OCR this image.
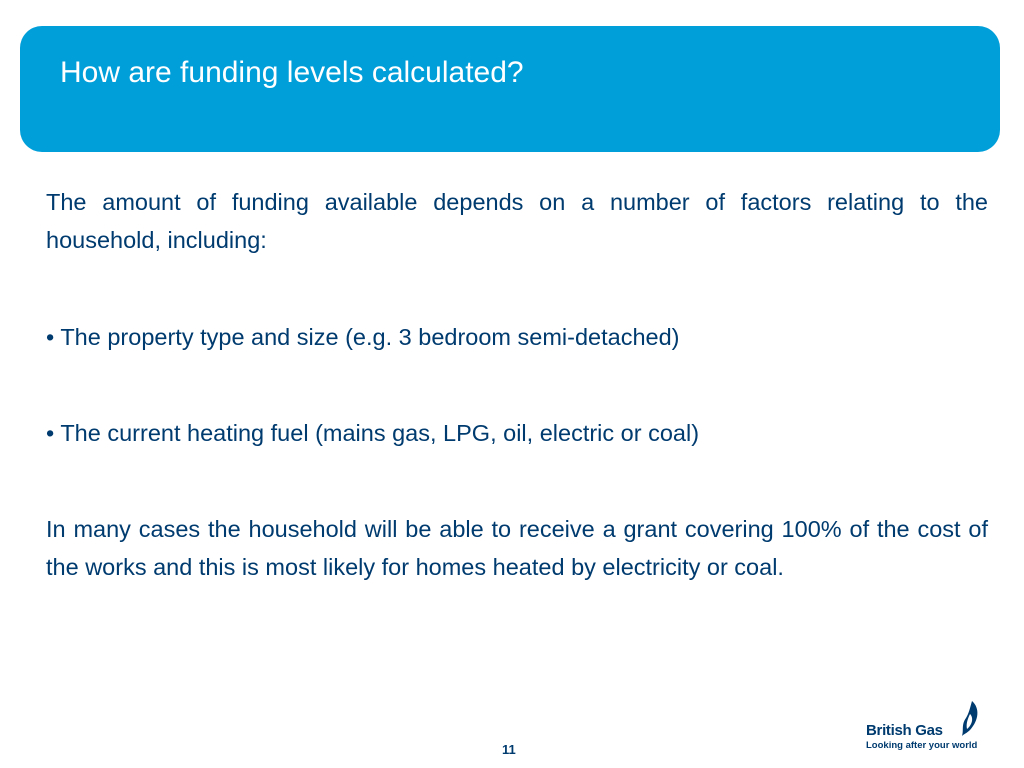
How are funding levels calculated?

The amount of funding available depends on a number of factors relating to the household, including:

• The property type and size (e.g. 3 bedroom semi-detached)

• The current heating fuel (mains gas, LPG, oil, electric or coal)

In many cases the household will be able to receive a grant covering 100% of the cost of the works and this is most likely for homes heated by electricity or coal.

11
British Gas
Looking after your world
